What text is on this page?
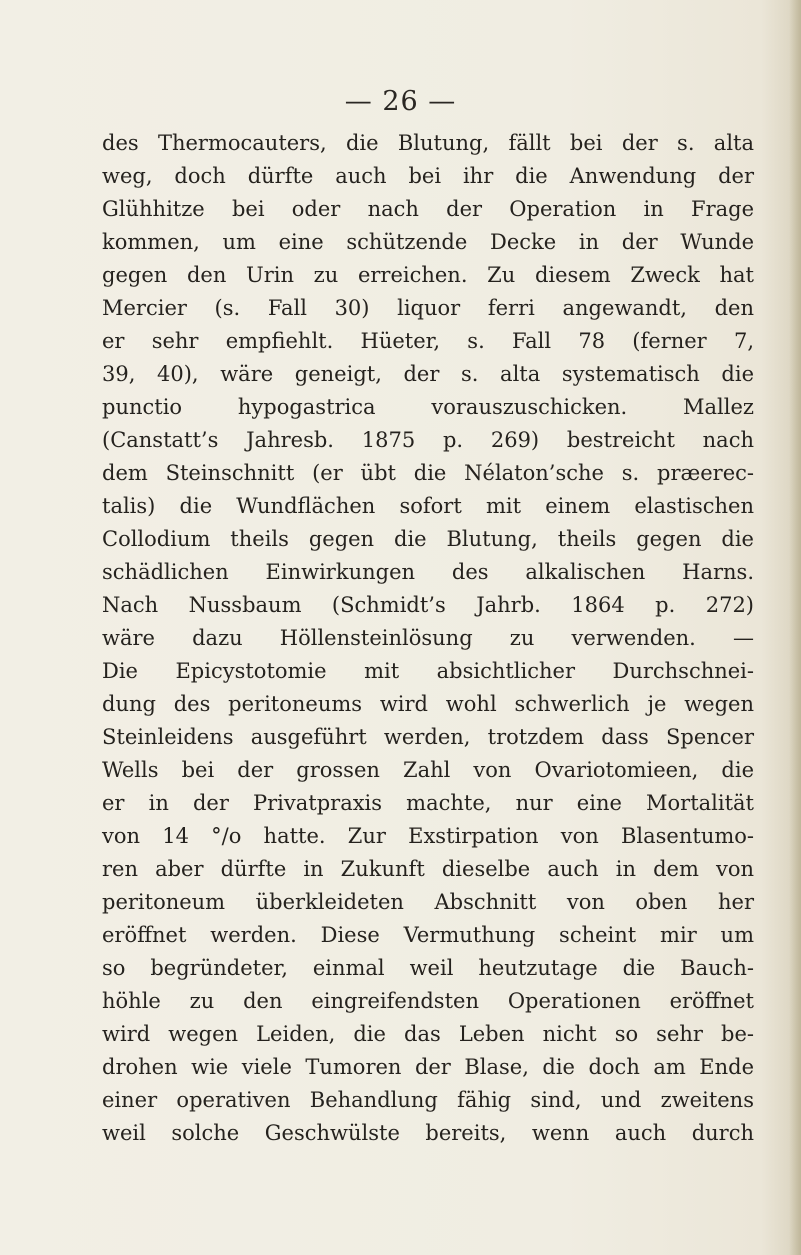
— 26 —
des Thermocauters, die Blutung, fällt bei der s. alta
weg, doch dürfte auch bei ihr die Anwendung der
Glühhitze bei oder nach der Operation in Frage
kommen, um eine schützende Decke in der Wunde
gegen den Urin zu erreichen. Zu diesem Zweck hat
Mercier (s. Fall 30) liquor ferri angewandt, den
er sehr empfiehlt. Hüeter, s. Fall 78 (ferner 7,
39, 40), wäre geneigt, der s. alta systematisch die
punctio hypogastrica vorauszuschicken. Mallez
(Canstatt’s Jahresb. 1875 p. 269) bestreicht nach
dem Steinschnitt (er übt die Nélaton’sche s. præerec-
talis) die Wundflächen sofort mit einem elastischen
Collodium theils gegen die Blutung, theils gegen die
schädlichen Einwirkungen des alkalischen Harns.
Nach Nussbaum (Schmidt’s Jahrb. 1864 p. 272)
wäre dazu Höllensteinlösung zu verwenden. —
Die Epicystotomie mit absichtlicher Durchschnei-
dung des peritoneums wird wohl schwerlich je wegen
Steinleidens ausgeführt werden, trotzdem dass Spencer
Wells bei der grossen Zahl von Ovariotomieen, die
er in der Privatpraxis machte, nur eine Mortalität
von 14 °/o hatte. Zur Exstirpation von Blasentumo-
ren aber dürfte in Zukunft dieselbe auch in dem von
peritoneum überkleideten Abschnitt von oben her
eröffnet werden. Diese Vermuthung scheint mir um
so begründeter, einmal weil heutzutage die Bauch-
höhle zu den eingreifendsten Operationen eröffnet
wird wegen Leiden, die das Leben nicht so sehr be-
drohen wie viele Tumoren der Blase, die doch am Ende
einer operativen Behandlung fähig sind, und zweitens
weil solche Geschwülste bereits, wenn auch durch
